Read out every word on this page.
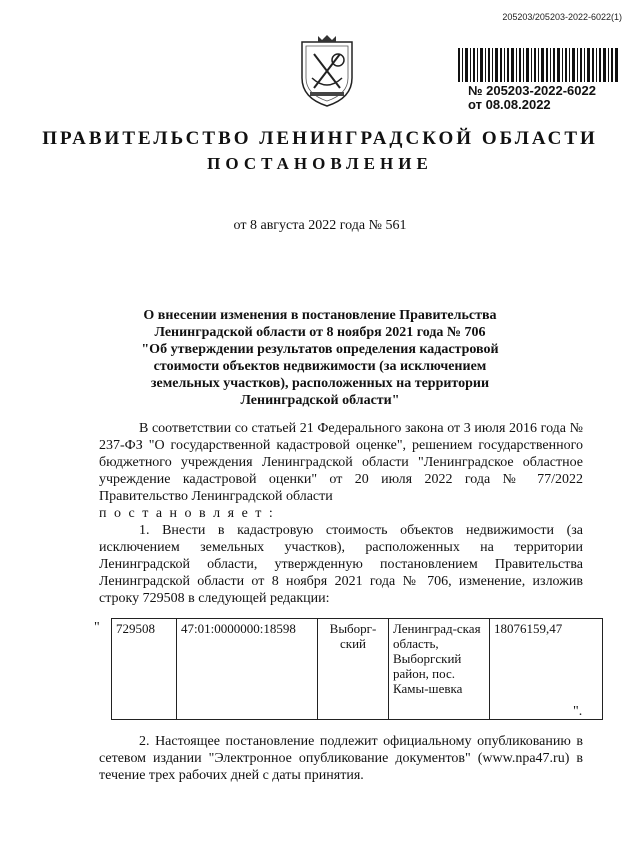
205203/205203-2022-6022(1)
№ 205203-2022-6022
от 08.08.2022
ПРАВИТЕЛЬСТВО ЛЕНИНГРАДСКОЙ ОБЛАСТИ
ПОСТАНОВЛЕНИЕ
от 8 августа 2022 года № 561
О внесении изменения в постановление Правительства
Ленинградской области от 8 ноября 2021 года № 706
"Об утверждении результатов определения кадастровой
стоимости объектов недвижимости (за исключением
земельных участков), расположенных на территории
Ленинградской области"
В соответствии со статьей 21 Федерального закона от 3 июля 2016 года № 237-ФЗ "О государственной кадастровой оценке", решением государственного бюджетного учреждения Ленинградской области "Ленинградское областное учреждение кадастровой оценки" от 20 июля 2022 года № 77/2022 Правительство Ленинградской области
п о с т а н о в л я е т :
1. Внести в кадастровую стоимость объектов недвижимости (за исключением земельных участков), расположенных на территории Ленинградской области, утвержденную постановлением Правительства Ленинградской области от 8 ноября 2021 года № 706, изменение, изложив строку 729508 в следующей редакции:
" 729508	47:01:0000000:18598	Выборг-ский	Ленинград-ская область, Выборгский район, пос. Камы-шевка	18076159,47
".
2. Настоящее постановление подлежит официальному опубликованию в сетевом издании "Электронное опубликование документов" (www.npa47.ru) в течение трех рабочих дней с даты принятия.
